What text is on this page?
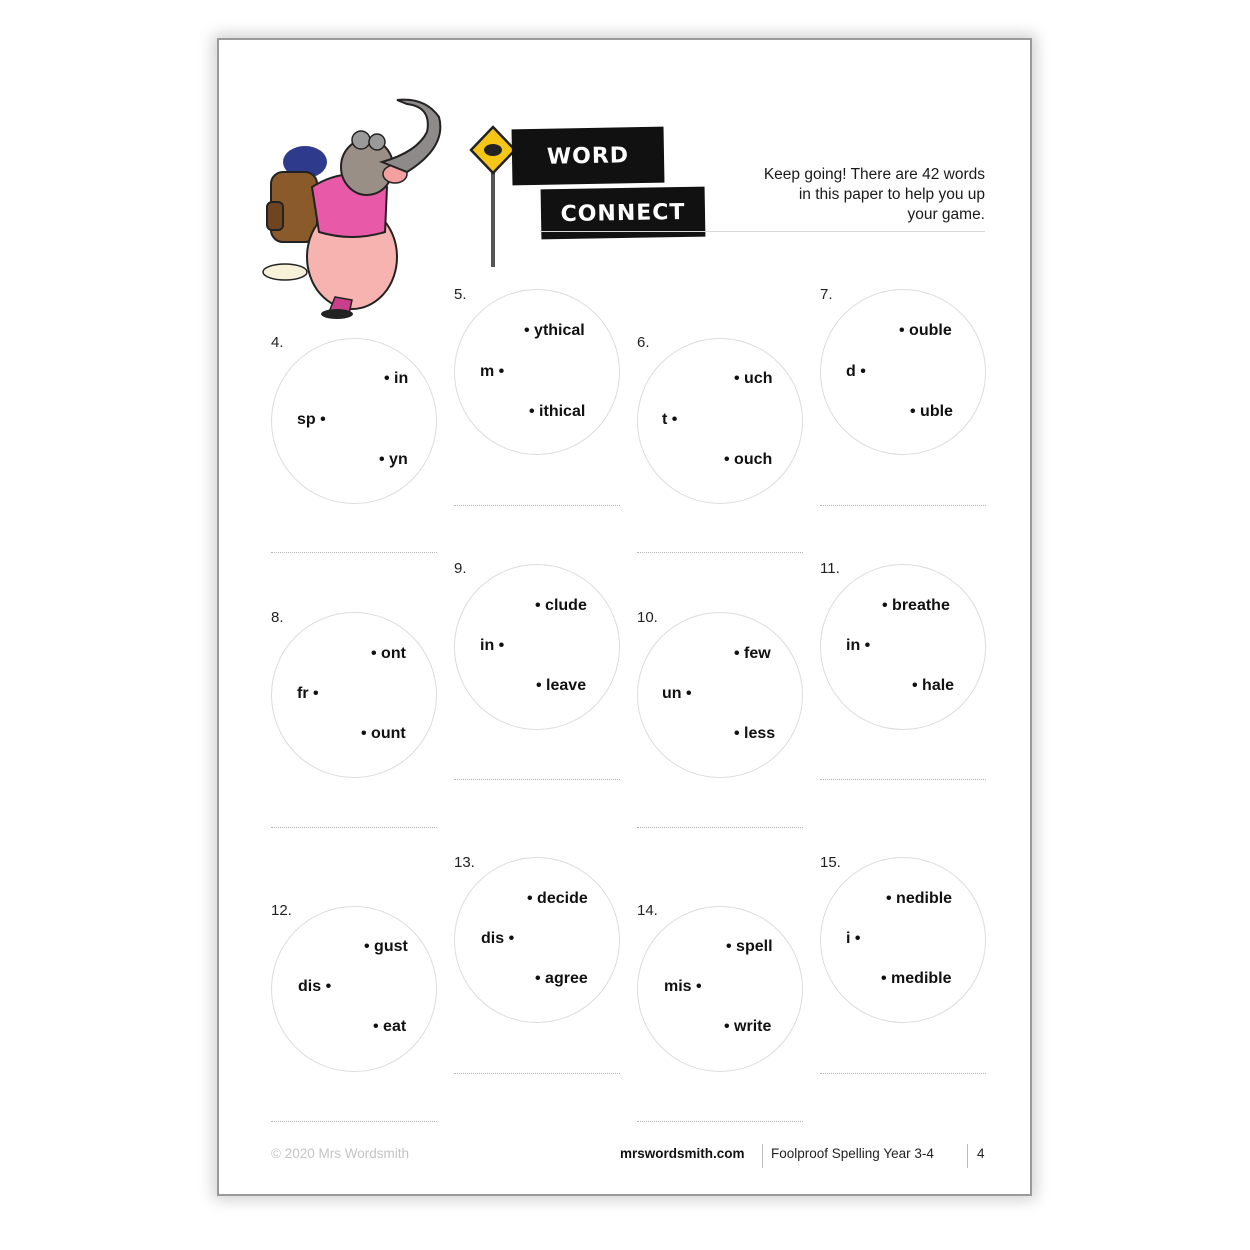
WORD
CONNECT
Keep going! There are 42 words
in this paper to help you up
your game.
4.
• in
sp •
• yn
5.
• ythical
m •
• ithical
6.
• uch
t •
• ouch
7.
• ouble
d •
• uble
8.
• ont
fr •
• ount
9.
• clude
in •
• leave
10.
• few
un •
• less
11.
• breathe
in •
• hale
12.
• gust
dis •
• eat
13.
• decide
dis •
• agree
14.
• spell
mis •
• write
15.
• nedible
i •
• medible
© 2020 Mrs Wordsmith	mrswordsmith.com Foolproof Spelling Year 3-4	4
